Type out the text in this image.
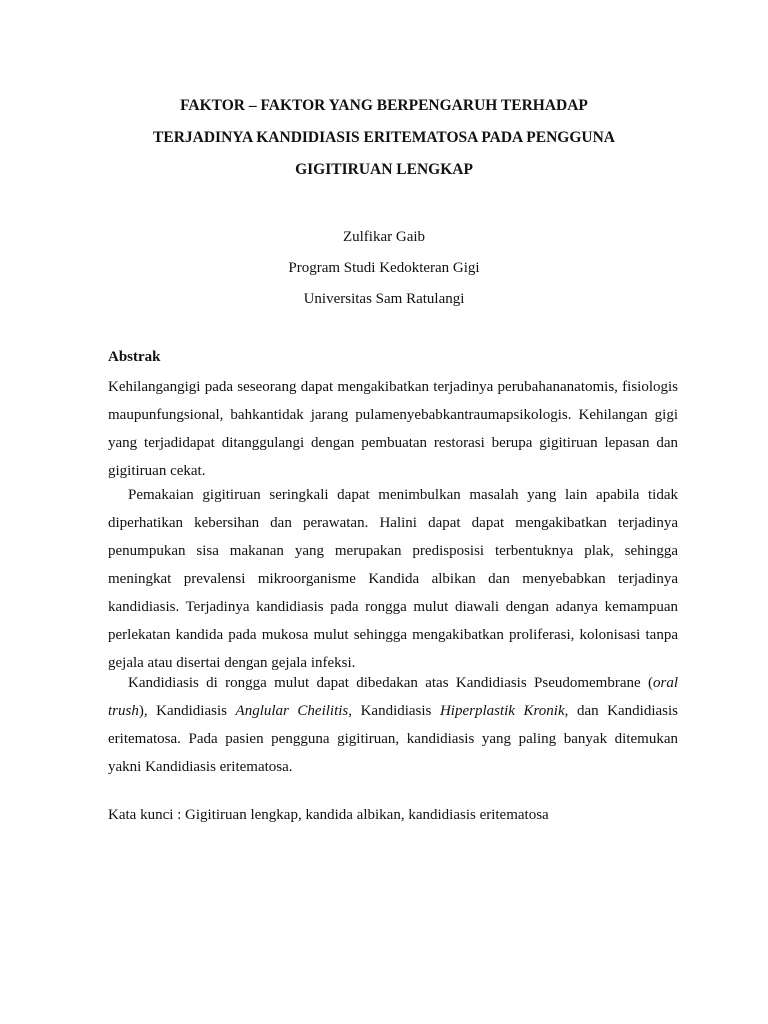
FAKTOR – FAKTOR YANG BERPENGARUH TERHADAP
TERJADINYA KANDIDIASIS ERITEMATOSA PADA PENGGUNA
GIGITIRUAN LENGKAP
Zulfikar Gaib
Program Studi Kedokteran Gigi
Universitas Sam Ratulangi
Abstrak

Kehilangangigi pada seseorang dapat mengakibatkan terjadinya perubahananatomis, fisiologis maupunfungsional, bahkantidak jarang pulamenyebabkantraumapsikologis. Kehilangan gigi yang terjadidapat ditanggulangi dengan pembuatan restorasi berupa gigitiruan lepasan dan gigitiruan cekat.

Pemakaian gigitiruan seringkali dapat menimbulkan masalah yang lain apabila tidak diperhatikan kebersihan dan perawatan. Halini dapat dapat mengakibatkan terjadinya penumpukan sisa makanan yang merupakan predisposisi terbentuknya plak, sehingga meningkat prevalensi mikroorganisme Kandida albikan dan menyebabkan terjadinya kandidiasis. Terjadinya kandidiasis pada rongga mulut diawali dengan adanya kemampuan perlekatan kandida pada mukosa mulut sehingga mengakibatkan proliferasi, kolonisasi tanpa gejala atau disertai dengan gejala infeksi.

Kandidiasis di rongga mulut dapat dibedakan atas Kandidiasis Pseudomembrane (oral trush), Kandidiasis Anglular Cheilitis, Kandidiasis Hiperplastik Kronik, dan Kandidiasis eritematosa. Pada pasien pengguna gigitiruan, kandidiasis yang paling banyak ditemukan yakni Kandidiasis eritematosa.

Kata kunci : Gigitiruan lengkap, kandida albikan, kandidiasis eritematosa
